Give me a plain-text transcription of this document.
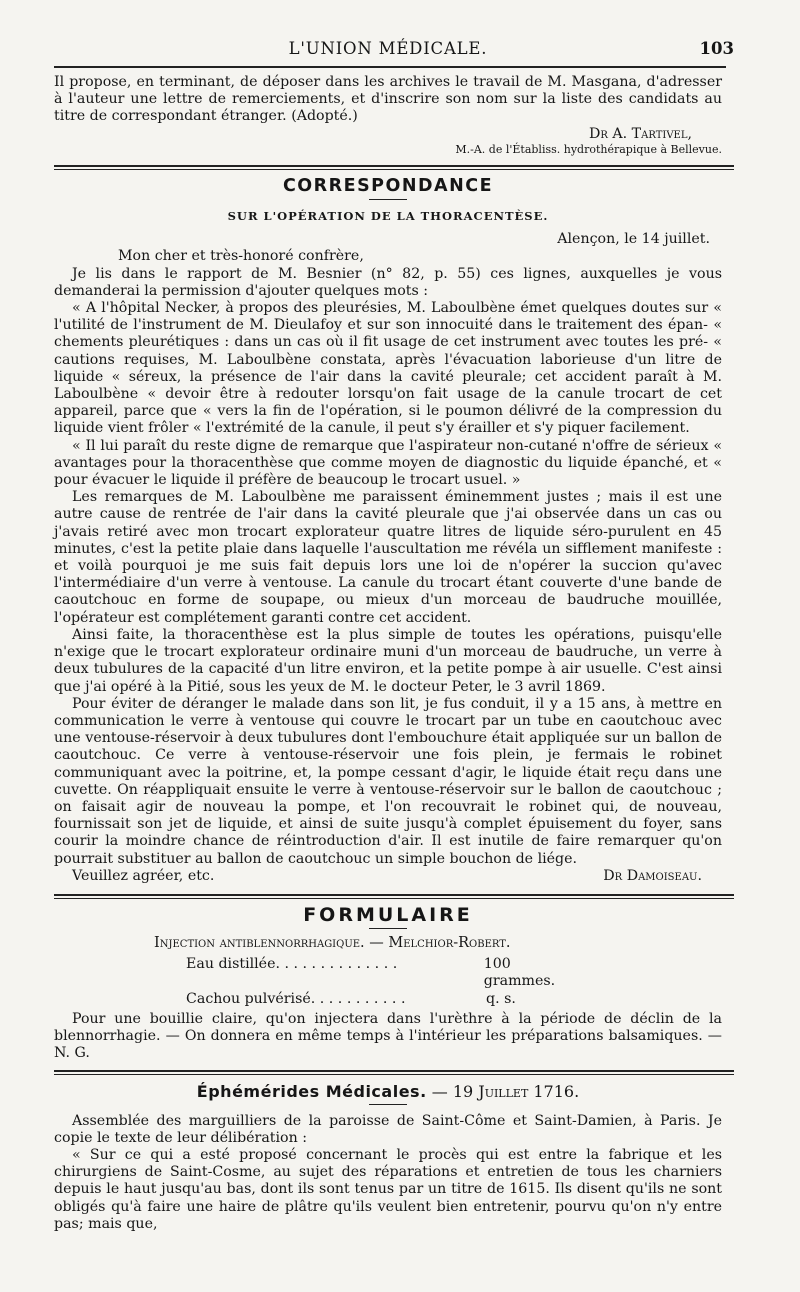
L'UNION MÉDICALE.	103

Il propose, en terminant, de déposer dans les archives le travail de M. Masgana, d'adresser à l'auteur une lettre de remerciements, et d'inscrire son nom sur la liste des candidats au titre de correspondant étranger. (Adopté.)

Dr A. Tartivel,

M.-A. de l'Établiss. hydrothérapique à Bellevue.

CORRESPONDANCE
SUR L'OPÉRATION DE LA THORACENTÈSE.

Alençon, le 14 juillet.

Mon cher et très-honoré confrère,

Je lis dans le rapport de M. Besnier (n° 82, p. 55) ces lignes, auxquelles je vous demanderai la permission d'ajouter quelques mots :

« A l'hôpital Necker, à propos des pleurésies, M. Laboulbène émet quelques doutes sur « l'utilité de l'instrument de M. Dieulafoy et sur son innocuité dans le traitement des épan- « chements pleurétiques : dans un cas où il fit usage de cet instrument avec toutes les pré- « cautions requises, M. Laboulbène constata, après l'évacuation laborieuse d'un litre de liquide « séreux, la présence de l'air dans la cavité pleurale; cet accident paraît à M. Laboulbène « devoir être à redouter lorsqu'on fait usage de la canule trocart de cet appareil, parce que « vers la fin de l'opération, si le poumon délivré de la compression du liquide vient frôler « l'extrémité de la canule, il peut s'y érailler et s'y piquer facilement.

« Il lui paraît du reste digne de remarque que l'aspirateur non-cutané n'offre de sérieux « avantages pour la thoracenthèse que comme moyen de diagnostic du liquide épanché, et « pour évacuer le liquide il préfère de beaucoup le trocart usuel. »

Les remarques de M. Laboulbène me paraissent éminemment justes ; mais il est une autre cause de rentrée de l'air dans la cavité pleurale que j'ai observée dans un cas ou j'avais retiré avec mon trocart explorateur quatre litres de liquide séro-purulent en 45 minutes, c'est la petite plaie dans laquelle l'auscultation me révéla un sifflement manifeste : et voilà pourquoi je me suis fait depuis lors une loi de n'opérer la succion qu'avec l'intermédiaire d'un verre à ventouse. La canule du trocart étant couverte d'une bande de caoutchouc en forme de soupape, ou mieux d'un morceau de baudruche mouillée, l'opérateur est complétement garanti contre cet accident.

Ainsi faite, la thoracenthèse est la plus simple de toutes les opérations, puisqu'elle n'exige que le trocart explorateur ordinaire muni d'un morceau de baudruche, un verre à deux tubulures de la capacité d'un litre environ, et la petite pompe à air usuelle. C'est ainsi que j'ai opéré à la Pitié, sous les yeux de M. le docteur Peter, le 3 avril 1869.

Pour éviter de déranger le malade dans son lit, je fus conduit, il y a 15 ans, à mettre en communication le verre à ventouse qui couvre le trocart par un tube en caoutchouc avec une ventouse-réservoir à deux tubulures dont l'embouchure était appliquée sur un ballon de caoutchouc. Ce verre à ventouse-réservoir une fois plein, je fermais le robinet communiquant avec la poitrine, et, la pompe cessant d'agir, le liquide était reçu dans une cuvette. On réappliquait ensuite le verre à ventouse-réservoir sur le ballon de caoutchouc ; on faisait agir de nouveau la pompe, et l'on recouvrait le robinet qui, de nouveau, fournissait son jet de liquide, et ainsi de suite jusqu'à complet épuisement du foyer, sans courir la moindre chance de réintroduction d'air. Il est inutile de faire remarquer qu'on pourrait substituer au ballon de caoutchouc un simple bouchon de liége.

Veuillez agréer, etc.	Dr Damoiseau.
FORMULAIRE

Injection antiblennorrhagique. — Melchior-Robert.

Eau distillée. . . . . . . . . . . . . .	100 grammes.
Cachou pulvérisé. . . . . . . . . . .	q. s.

Pour une bouillie claire, qu'on injectera dans l'urèthre à la période de déclin de la blennorrhagie. — On donnera en même temps à l'intérieur les préparations balsamiques. — N. G.

Éphémérides Médicales. — 19 Juillet 1716.

Assemblée des marguilliers de la paroisse de Saint-Côme et Saint-Damien, à Paris. Je copie le texte de leur délibération :

« Sur ce qui a esté proposé concernant le procès qui est entre la fabrique et les chirurgiens de Saint-Cosme, au sujet des réparations et entretien de tous les charniers depuis le haut jusqu'au bas, dont ils sont tenus par un titre de 1615. Ils disent qu'ils ne sont obligés qu'à faire une haire de plâtre qu'ils veulent bien entretenir, pourvu qu'on n'y entre pas; mais que,
